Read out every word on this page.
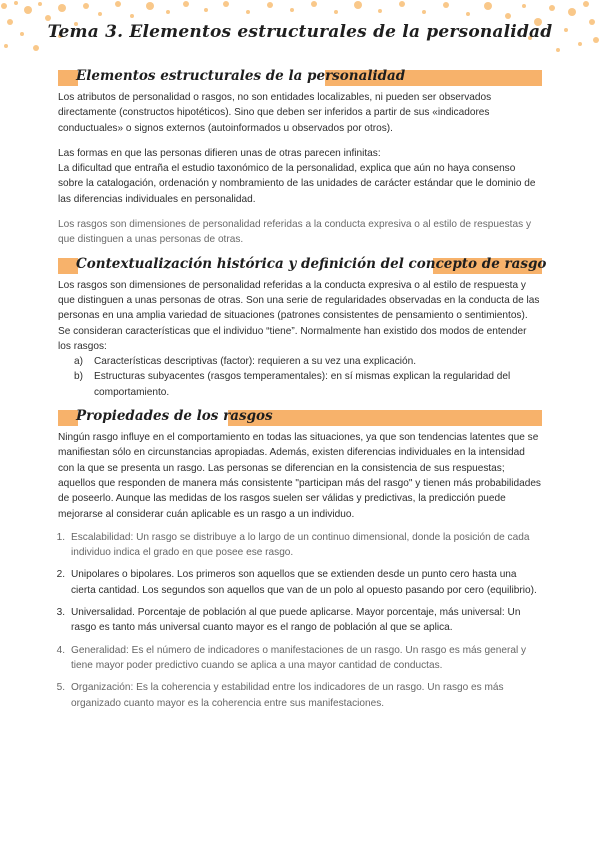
Tema 3. Elementos estructurales de la personalidad
Elementos estructurales de la personalidad

Los atributos de personalidad o rasgos, no son entidades localizables, ni pueden ser observados directamente (constructos hipotéticos). Sino que deben ser inferidos a partir de sus «indicadores conductuales» o signos externos (autoinformados u observados por otros).

Las formas en que las personas difieren unas de otras parecen infinitas:

La dificultad que entraña el estudio taxonómico de la personalidad, explica que aún no haya consenso sobre la catalogación, ordenación y nombramiento de las unidades de carácter estándar que le dominio de las diferencias individuales en personalidad.

Los rasgos son dimensiones de personalidad referidas a la conducta expresiva o al estilo de respuestas y que distinguen a unas personas de otras.

Contextualización histórica y definición del concepto de rasgo

Los rasgos son dimensiones de personalidad referidas a la conducta expresiva o al estilo de respuesta y que distinguen a unas personas de otras. Son una serie de regularidades observadas en la conducta de las personas en una amplia variedad de situaciones (patrones consistentes de pensamiento o sentimientos). Se consideran características que el individuo “tiene”. Normalmente han existido dos modos de entender los rasgos:

a) Características descriptivas (factor): requieren a su vez una explicación.
b) Estructuras subyacentes (rasgos temperamentales): en sí mismas explican la regularidad del comportamiento.
Propiedades de los rasgos

Ningún rasgo influye en el comportamiento en todas las situaciones, ya que son tendencias latentes que se manifiestan sólo en circunstancias apropiadas. Además, existen diferencias individuales en la intensidad con la que se presenta un rasgo. Las personas se diferencian en la consistencia de sus respuestas; aquellos que responden de manera más consistente "participan más del rasgo" y tienen más probabilidades de poseerlo. Aunque las medidas de los rasgos suelen ser válidas y predictivas, la predicción puede mejorarse al considerar cuán aplicable es un rasgo a un individuo.

1. Escalabilidad: Un rasgo se distribuye a lo largo de un continuo dimensional, donde la posición de cada individuo indica el grado en que posee ese rasgo.
2. Unipolares o bipolares. Los primeros son aquellos que se extienden desde un punto cero hasta una cierta cantidad. Los segundos son aquellos que van de un polo al opuesto pasando por cero (equilibrio).
3. Universalidad. Porcentaje de población al que puede aplicarse. Mayor porcentaje, más universal: Un rasgo es tanto más universal cuanto mayor es el rango de población al que se aplica.
4. Generalidad: Es el número de indicadores o manifestaciones de un rasgo. Un rasgo es más general y tiene mayor poder predictivo cuando se aplica a una mayor cantidad de conductas.
5. Organización: Es la coherencia y estabilidad entre los indicadores de un rasgo. Un rasgo es más organizado cuanto mayor es la coherencia entre sus manifestaciones.
